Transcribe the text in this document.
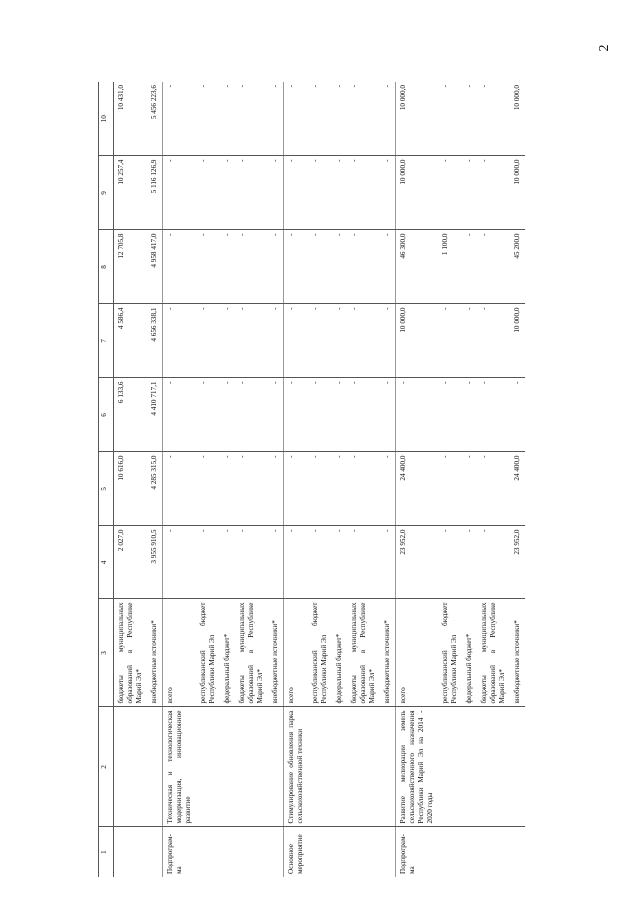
2
1	2	3	4	5	6	7	8	9	10
		бюджеты муниципальных образований в Республике Марий Эл*	2 027,0	10 616,0	6 133,6	4 586,4	12 705,8	10 257,4	10 431,0
		внебюджетные источники*	3 955 910,5	4 285 315,0	4 410 717,1	4 656 338,1	4 958 417,0	5 116 126,9	5 456 223,6
Подпрограм-ма	Техническая и технологическая модернизация, инновационное развитие	всего	-	-	-	-	-	-	-
		республиканский бюджет Республики Марий Эл	-	-	-	-	-	-	-
		федеральный бюджет*	-	-	-	-	-	-	-
		бюджеты муниципальных образований в Республике Марий Эл*	-	-	-	-	-	-	-
		внебюджетные источники*	-	-	-	-	-	-	-
Основное мероприятие	Стимулирование обновления парка сельскохозяйственной техники	всего	-	-	-	-	-	-	-
		республиканский бюджет Республики Марий Эл	-	-	-	-	-	-	-
		федеральный бюджет*	-	-	-	-	-	-	-
		бюджеты муниципальных образований в Республике Марий Эл*	-	-	-	-	-	-	-
		внебюджетные источники*	-	-	-	-	-	-	-
Подпрограм-ма	Развитие мелиорации земель сельскохозяйственного назначения Республики Марий Эл на 2014 - 2020 годы	всего	23 952,0	24 400,0	-	10 000,0	46 300,0	10 000,0	10 000,0
		республиканский бюджет Республики Марий Эл	-	-	-	-	1 100,0	-	-
		федеральный бюджет*	-	-	-	-	-	-	-
		бюджеты муниципальных образований в Республике Марий Эл*	-	-	-	-	-	-	-
		внебюджетные источники*	23 952,0	24 400,0	-	10 000,0	45 200,0	10 000,0	10 000,0
